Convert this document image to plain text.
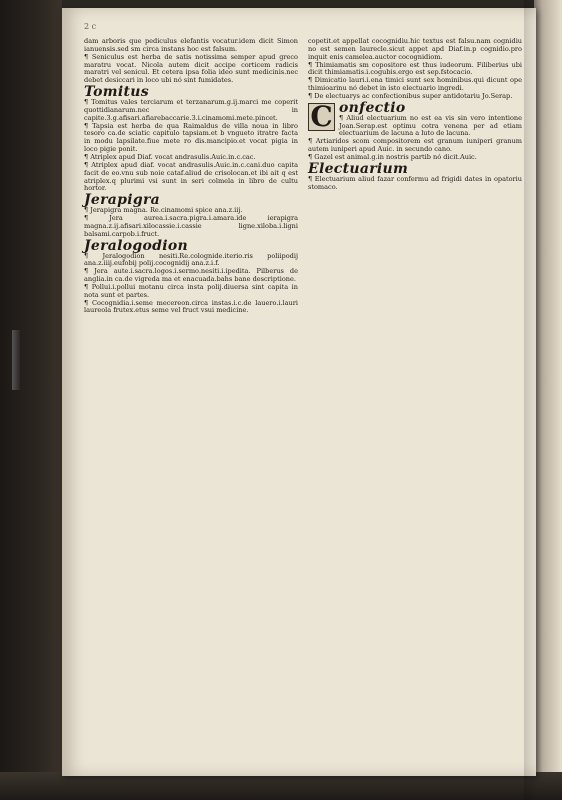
2 c

dam arboris que pediculus elefantis vocatur.idem dicit Simon ianuensis.sed sm circa instans hoc est falsum.

¶ Seniculus est herba de satis notissima semper apud greco maratru vocat. Nicola autem dicit accipe corticem radicis maratri vel senicul. Et cetera ipsa folia ideo sunt medicinis.nec debet desiccari in loco ubi nó sint fumidates.

Tomitus

¶ Tomitus vales terciarum et terzanarum.g.ij.marci me coperit quottidianarum.nec in capite.3.g.afisari.afiarebaccarie.3.i.cinamomi.mete.pincet.

¶ Tapsia est herba de qua Raimaldus de villa noua in libro tesoro ca.de sciatic capitulo tapsiam.et b vngueto itratre facta in modu lapsilate.fiue mete ro dis.mancipio.et vocat pigia in loco pigie ponit.

¶ Atriplex apud Diaf. vocat andrasulis.Auic.in.c.cac.

¶ Atriplex apud diaf. vocat andrasulis.Auic.in.c.cani.duo capita facit de eo.vnu sub noie cataf.aliud de crisolocan.et ibi ait q est atriplex.q plurimi vsi sunt in seri colmela in libro de cultu hortor.

Jerapigra

¶ Jerapigra magna. Re.cinamomi spice ana.z.iij.

¶ Jera aurea.i.sacra.pigra.i.amara.ide ierapigra magna.z.ij.afisari.xilocassie.i.cassie ligne.xiloba.i.ligni balsami.carpob.i.fruct.

Jeralogodion

¶ Jeralogodion nesiti.Re.colognide.iterio.ris poliipodij ana.z.iiij.eufobij polij.cocognidij ana.z.i.f.

¶ Jera aute.i.sacra.logos.i.sermo.nesiti.i.ipedita. Pilberus de anglia.in ca.de vigreda ma et enacuada.bahs bane descriptione.

¶ Pollui.i.pollui motanu circa insta polij.diuersa sint capita in nota sunt et partes.

¶ Cocognidia.i.seme mecereon.circa instas.i.c.de lauero.i.lauri laureola frutex.etus seme vel fruct vsui medicine.

copetit.et appellat cocognidiu.hic textus est falsu.nam cognidiu no est semen laurecle.sicut appet apd Diaf.in.p cognidio.pro inquit enis camelea.auctor cocognidiom.

¶ Thimiamatis sm copositore est thus iudeorum. Filiberius ubi dicit thimiamatis.i.cogubis.ergo est sep.fstocacio.

¶ Dimicatio lauri.i.ena timici sunt sex hominibus.qui dicunt ope thimioarinu nó debet in isto electuario ingredi.

¶ De electuarys ac confectionibus super antidotariu Jo.Serap.

C onfectio

¶ Aliud electuarium no est ea vis sin vero intentione Joan.Serap.est optimu cotra venena per ad etiam electuarium de lacuna a luto de lacuna.

¶ Artiaridos scom compositorem est granum iuniperi granum autem iuniperi apud Auic. in secundo cano.

¶ Gazel est animal.g.in nostris partib nó dicit.Auic.

Electuarium

¶ Electuarium aliud fazar confermu ad frigidi dates in opatoriu stomaco.
